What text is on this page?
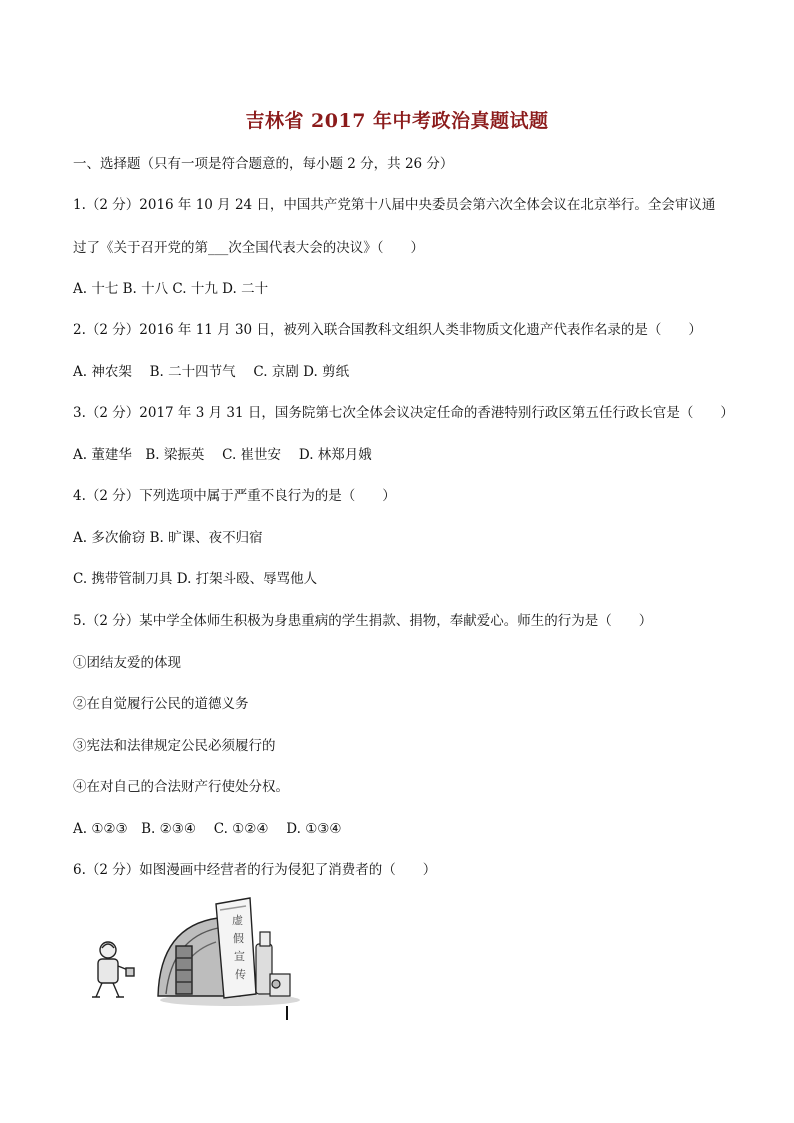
吉林省 2017 年中考政治真题试题
一、选择题（只有一项是符合题意的，每小题 2 分，共 26 分）
1.（2 分）2016 年 10 月 24 日，中国共产党第十八届中央委员会第六次全体会议在北京举行。全会审议通
过了《关于召开党的第___次全国代表大会的决议》（　　）
A. 十七 B. 十八 C. 十九 D. 二十
2.（2 分）2016 年 11 月 30 日，被列入联合国教科文组织人类非物质文化遗产代表作名录的是（　　）
A. 神农架　 B. 二十四节气　 C. 京剧 D. 剪纸
3.（2 分）2017 年 3 月 31 日，国务院第七次全体会议决定任命的香港特别行政区第五任行政长官是（　　）
A. 董建华　B. 梁振英　 C. 崔世安　 D. 林郑月娥
4.（2 分）下列选项中属于严重不良行为的是（　　）
A. 多次偷窃 B. 旷课、夜不归宿
C. 携带管制刀具 D. 打架斗殴、辱骂他人
5.（2 分）某中学全体师生积极为身患重病的学生捐款、捐物，奉献爱心。师生的行为是（　　）
①团结友爱的体现
②在自觉履行公民的道德义务
③宪法和法律规定公民必须履行的
④在对自己的合法财产行使处分权。
A. ①②③　B. ②③④　 C. ①②④　 D. ①③④
6.（2 分）如图漫画中经营者的行为侵犯了消费者的（　　）
虚
假
宣
传
